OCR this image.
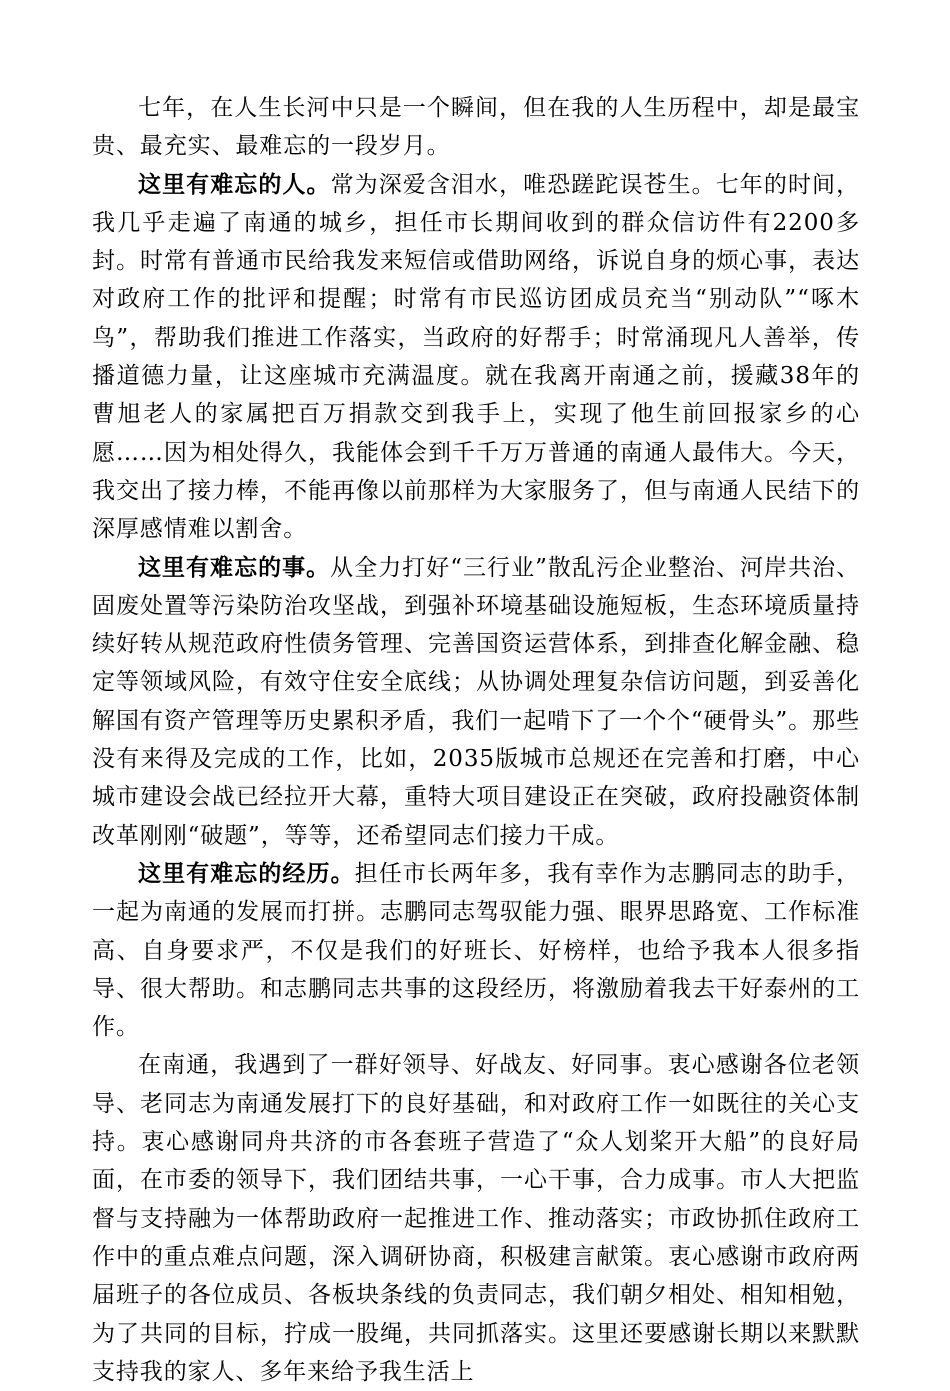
七年，在人生长河中只是一个瞬间，但在我的人生历程中，却是最宝贵、最充实、最难忘的一段岁月。

这里有难忘的人。常为深爱含泪水，唯恐蹉跎误苍生。七年的时间，我几乎走遍了南通的城乡，担任市长期间收到的群众信访件有2200多封。时常有普通市民给我发来短信或借助网络，诉说自身的烦心事，表达对政府工作的批评和提醒；时常有市民巡访团成员充当“别动队”“啄木鸟”，帮助我们推进工作落实，当政府的好帮手；时常涌现凡人善举，传播道德力量，让这座城市充满温度。就在我离开南通之前，援藏38年的曹旭老人的家属把百万捐款交到我手上，实现了他生前回报家乡的心愿……因为相处得久，我能体会到千千万万普通的南通人最伟大。今天，我交出了接力棒，不能再像以前那样为大家服务了，但与南通人民结下的深厚感情难以割舍。

这里有难忘的事。从全力打好“三行业”散乱污企业整治、河岸共治、固废处置等污染防治攻坚战，到强补环境基础设施短板，生态环境质量持续好转从规范政府性债务管理、完善国资运营体系，到排查化解金融、稳定等领域风险，有效守住安全底线；从协调处理复杂信访问题，到妥善化解国有资产管理等历史累积矛盾，我们一起啃下了一个个“硬骨头”。那些没有来得及完成的工作，比如，2035版城市总规还在完善和打磨，中心城市建设会战已经拉开大幕，重特大项目建设正在突破，政府投融资体制改革刚刚“破题”，等等，还希望同志们接力干成。

这里有难忘的经历。担任市长两年多，我有幸作为志鹏同志的助手，一起为南通的发展而打拼。志鹏同志驾驭能力强、眼界思路宽、工作标准高、自身要求严，不仅是我们的好班长、好榜样，也给予我本人很多指导、很大帮助。和志鹏同志共事的这段经历，将激励着我去干好泰州的工作。

在南通，我遇到了一群好领导、好战友、好同事。衷心感谢各位老领导、老同志为南通发展打下的良好基础，和对政府工作一如既往的关心支持。衷心感谢同舟共济的市各套班子营造了“众人划桨开大船”的良好局面，在市委的领导下，我们团结共事，一心干事，合力成事。市人大把监督与支持融为一体帮助政府一起推进工作、推动落实；市政协抓住政府工作中的重点难点问题，深入调研协商，积极建言献策。衷心感谢市政府两届班子的各位成员、各板块条线的负责同志，我们朝夕相处、相知相勉，为了共同的目标，拧成一股绳，共同抓落实。这里还要感谢长期以来默默支持我的家人、多年来给予我生活上
